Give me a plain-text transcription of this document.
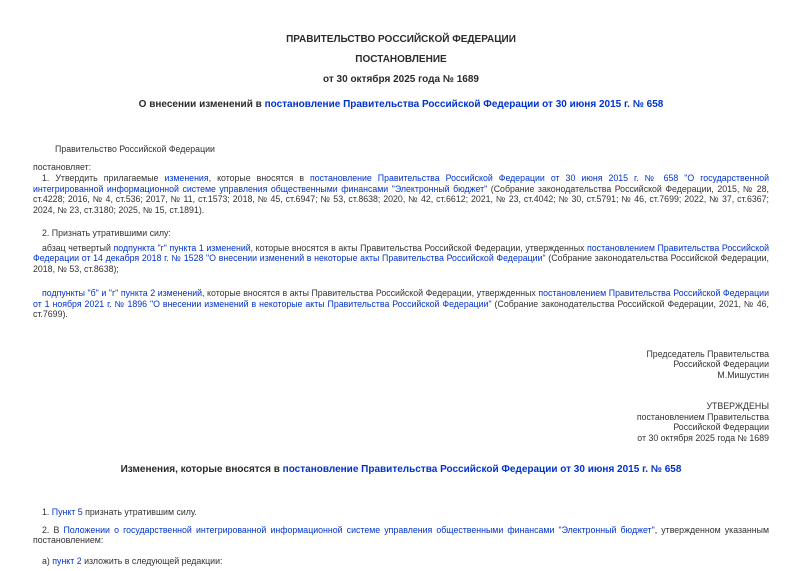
ПРАВИТЕЛЬСТВО РОССИЙСКОЙ ФЕДЕРАЦИИ
ПОСТАНОВЛЕНИЕ
от 30 октября 2025 года № 1689
О внесении изменений в постановление Правительства Российской Федерации от 30 июня 2015 г. № 658

Правительство Российской Федерации

постановляет:

1. Утвердить прилагаемые изменения, которые вносятся в постановление Правительства Российской Федерации от 30 июня 2015 г. № 658 "О государственной интегрированной информационной системе управления общественными финансами "Электронный бюджет" (Собрание законодательства Российской Федерации, 2015, № 28, ст.4228; 2016, № 4, ст.536; 2017, № 11, ст.1573; 2018, № 45, ст.6947; № 53, ст.8638; 2020, № 42, ст.6612; 2021, № 23, ст.4042; № 30, ст.5791; № 46, ст.7699; 2022, № 37, ст.6367; 2024, № 23, ст.3180; 2025, № 15, ст.1891).

2. Признать утратившими силу:

абзац четвертый подпункта "г" пункта 1 изменений, которые вносятся в акты Правительства Российской Федерации, утвержденных постановлением Правительства Российской Федерации от 14 декабря 2018 г. № 1528 "О внесении изменений в некоторые акты Правительства Российской Федерации" (Собрание законодательства Российской Федерации, 2018, № 53, ст.8638);

подпункты "б" и "г" пункта 2 изменений, которые вносятся в акты Правительства Российской Федерации, утвержденных постановлением Правительства Российской Федерации от 1 ноября 2021 г. № 1896 "О внесении изменений в некоторые акты Правительства Российской Федерации" (Собрание законодательства Российской Федерации, 2021, № 46, ст.7699).

Председатель Правительства
Российской Федерации
М.Мишустин
УТВЕРЖДЕНЫ
постановлением Правительства
Российской Федерации
от 30 октября 2025 года № 1689
Изменения, которые вносятся в постановление Правительства Российской Федерации от 30 июня 2015 г. № 658

1. Пункт 5 признать утратившим силу.

2. В Положении о государственной интегрированной информационной системе управления общественными финансами "Электронный бюджет", утвержденном указанным постановлением:

а) пункт 2 изложить в следующей редакции:
